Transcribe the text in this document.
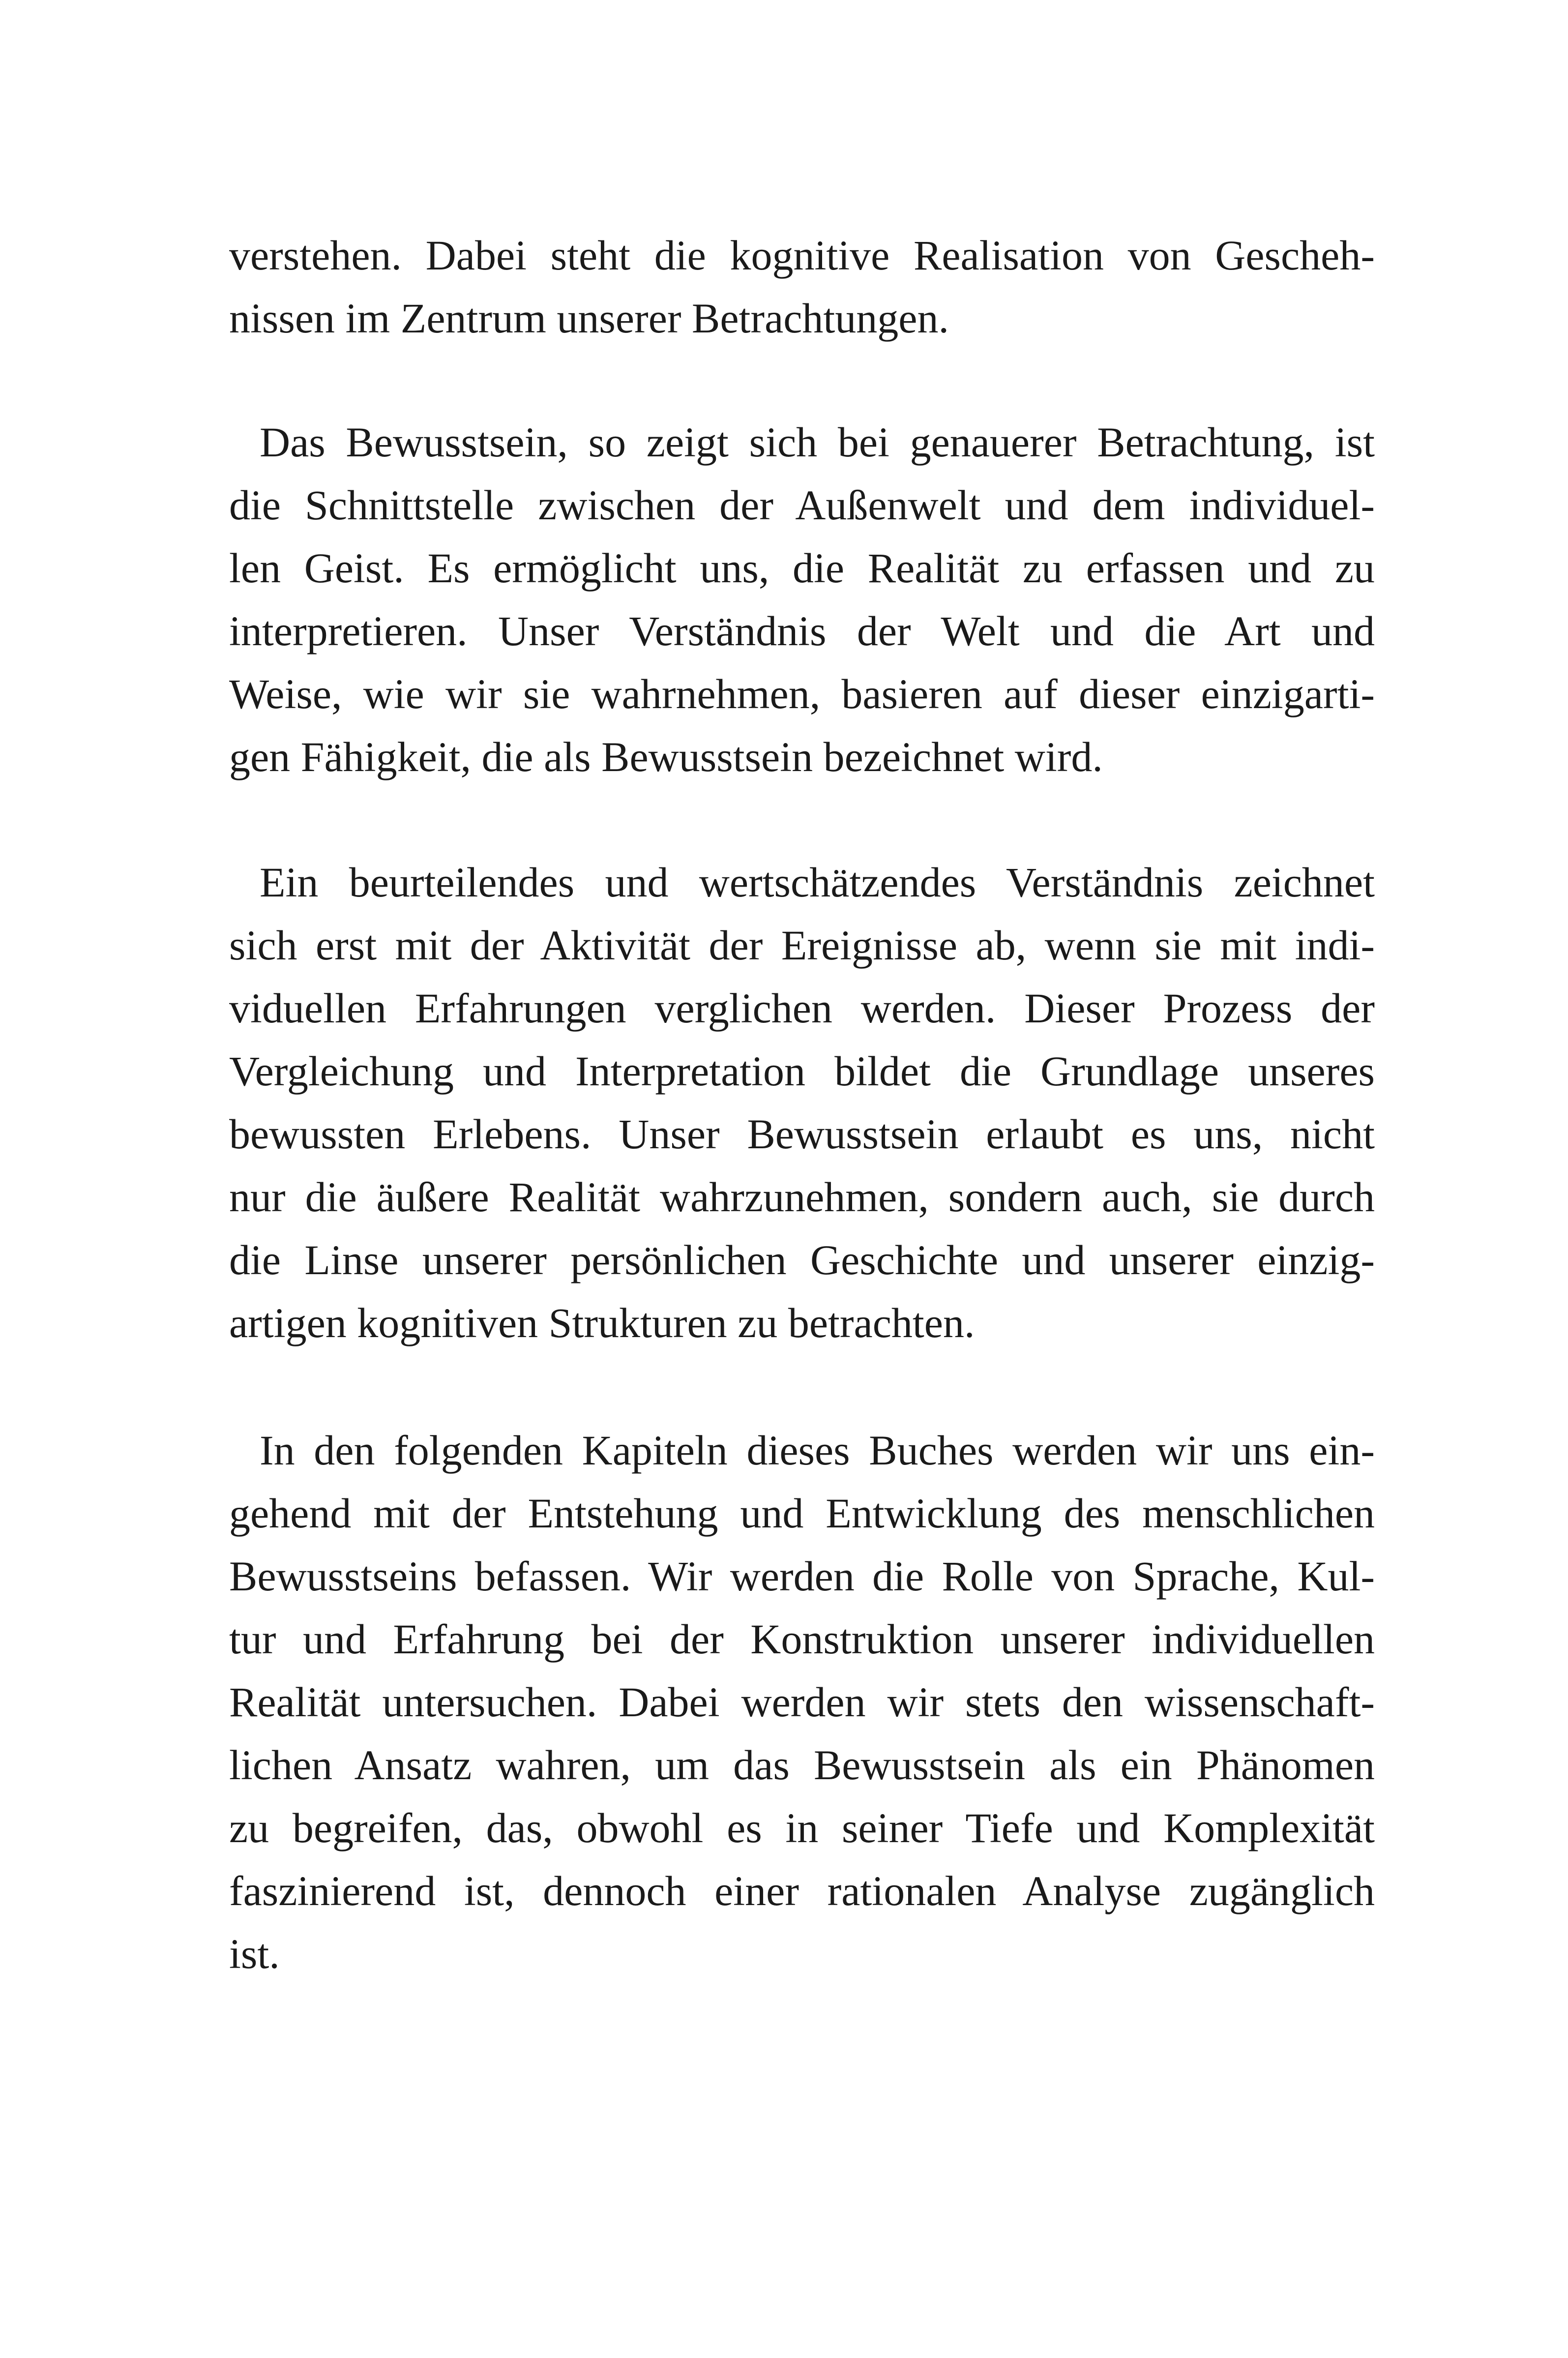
verstehen. Dabei steht die kognitive Realisation von Gescheh-
nissen im Zentrum unserer Betrachtungen.
Das Bewusstsein, so zeigt sich bei genauerer Betrachtung, ist
die Schnittstelle zwischen der Außenwelt und dem individuel-
len Geist. Es ermöglicht uns, die Realität zu erfassen und zu
interpretieren. Unser Verständnis der Welt und die Art und
Weise, wie wir sie wahrnehmen, basieren auf dieser einzigarti-
gen Fähigkeit, die als Bewusstsein bezeichnet wird.
Ein beurteilendes und wertschätzendes Verständnis zeichnet
sich erst mit der Aktivität der Ereignisse ab, wenn sie mit indi-
viduellen Erfahrungen verglichen werden. Dieser Prozess der
Vergleichung und Interpretation bildet die Grundlage unseres
bewussten Erlebens. Unser Bewusstsein erlaubt es uns, nicht
nur die äußere Realität wahrzunehmen, sondern auch, sie durch
die Linse unserer persönlichen Geschichte und unserer einzig-
artigen kognitiven Strukturen zu betrachten.
In den folgenden Kapiteln dieses Buches werden wir uns ein-
gehend mit der Entstehung und Entwicklung des menschlichen
Bewusstseins befassen. Wir werden die Rolle von Sprache, Kul-
tur und Erfahrung bei der Konstruktion unserer individuellen
Realität untersuchen. Dabei werden wir stets den wissenschaft-
lichen Ansatz wahren, um das Bewusstsein als ein Phänomen
zu begreifen, das, obwohl es in seiner Tiefe und Komplexität
faszinierend ist, dennoch einer rationalen Analyse zugänglich
ist.
